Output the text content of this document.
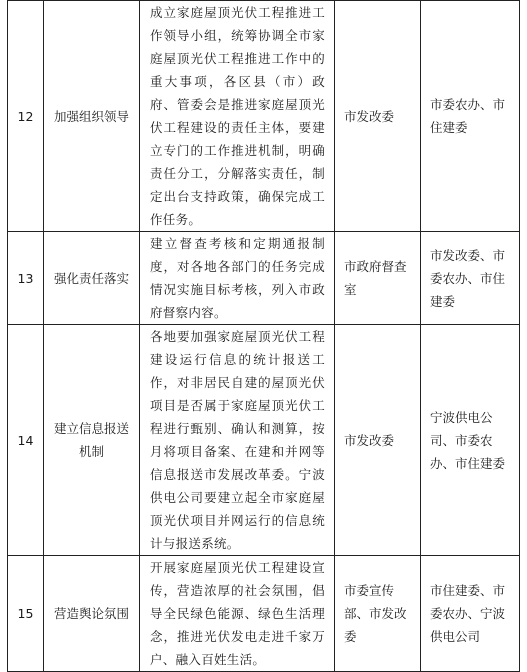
12	加强组织领导	成立家庭屋顶光伏工程推进工作领导小组，统筹协调全市家庭屋顶光伏工程推进工作中的重大事项，各区县（市）政府、管委会是推进家庭屋顶光伏工程建设的责任主体，要建立专门的工作推进机制，明确责任分工，分解落实责任，制定出台支持政策，确保完成工作任务。	市发改委	市委农办、市住建委
13	强化责任落实	建立督查考核和定期通报制度，对各地各部门的任务完成情况实施目标考核，列入市政府督察内容。	市政府督查室	市发改委、市委农办、市住建委
14	建立信息报送机制	各地要加强家庭屋顶光伏工程建设运行信息的统计报送工作，对非居民自建的屋顶光伏项目是否属于家庭屋顶光伏工程进行甄别、确认和测算，按月将项目备案、在建和并网等信息报送市发展改革委。宁波供电公司要建立起全市家庭屋顶光伏项目并网运行的信息统计与报送系统。	市发改委	宁波供电公司、市委农办、市住建委
15	营造舆论氛围	开展家庭屋顶光伏工程建设宣传，营造浓厚的社会氛围，倡导全民绿色能源、绿色生活理念，推进光伏发电走进千家万户、融入百姓生活。	市委宣传部、市发改委	市住建委、市委农办、宁波供电公司
